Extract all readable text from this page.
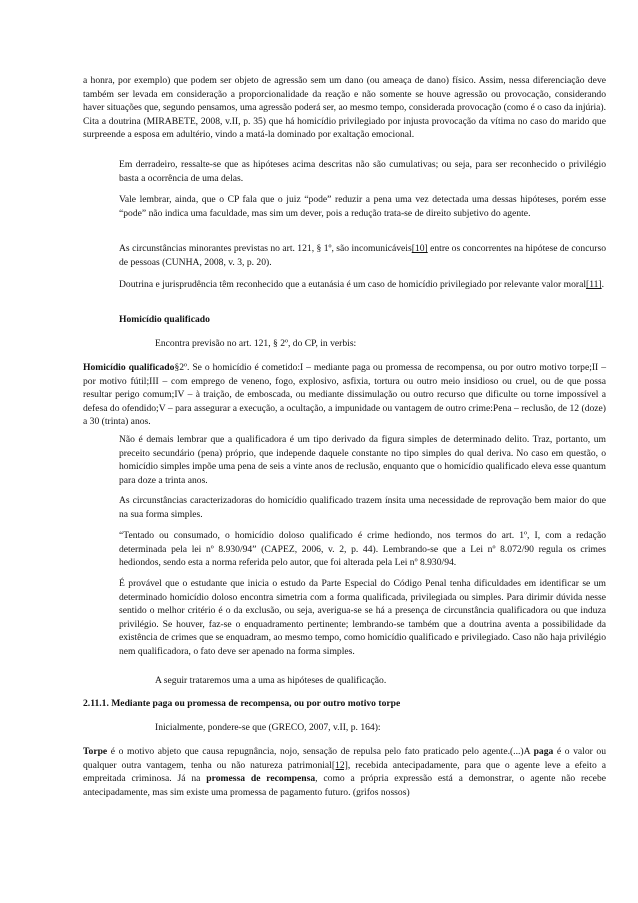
a honra, por exemplo) que podem ser objeto de agressão sem um dano (ou ameaça de dano) físico. Assim, nessa diferenciação deve também ser levada em consideração a proporcionalidade da reação e não somente se houve agressão ou provocação, considerando haver situações que, segundo pensamos, uma agressão poderá ser, ao mesmo tempo, considerada provocação (como é o caso da injúria). Cita a doutrina (MIRABETE, 2008, v.II, p. 35) que há homicídio privilegiado por injusta provocação da vítima no caso do marido que surpreende a esposa em adultério, vindo a matá-la dominado por exaltação emocional.
Em derradeiro, ressalte-se que as hipóteses acima descritas não são cumulativas; ou seja, para ser reconhecido o privilégio basta a ocorrência de uma delas.
Vale lembrar, ainda, que o CP fala que o juiz “pode” reduzir a pena uma vez detectada uma dessas hipóteses, porém esse “pode” não indica uma faculdade, mas sim um dever, pois a redução trata-se de direito subjetivo do agente.
As circunstâncias minorantes previstas no art. 121, § 1º, são incomunicáveis[10] entre os concorrentes na hipótese de concurso de pessoas (CUNHA, 2008, v. 3, p. 20).
Doutrina e jurisprudência têm reconhecido que a eutanásia é um caso de homicídio privilegiado por relevante valor moral[11].
Homicídio qualificado
Encontra previsão no art. 121, § 2º, do CP, in verbis:
Homicídio qualificado§2º. Se o homicídio é cometido:I – mediante paga ou promessa de recompensa, ou por outro motivo torpe;II – por motivo fútil;III – com emprego de veneno, fogo, explosivo, asfixia, tortura ou outro meio insidioso ou cruel, ou de que possa resultar perigo comum;IV – à traição, de emboscada, ou mediante dissimulação ou outro recurso que dificulte ou torne impossível a defesa do ofendido;V – para assegurar a execução, a ocultação, a impunidade ou vantagem de outro crime:Pena – reclusão, de 12 (doze) a 30 (trinta) anos.
Não é demais lembrar que a qualificadora é um tipo derivado da figura simples de determinado delito. Traz, portanto, um preceito secundário (pena) próprio, que independe daquele constante no tipo simples do qual deriva. No caso em questão, o homicídio simples impõe uma pena de seis a vinte anos de reclusão, enquanto que o homicídio qualificado eleva esse quantum para doze a trinta anos.
As circunstâncias caracterizadoras do homicídio qualificado trazem ínsita uma necessidade de reprovação bem maior do que na sua forma simples.
“Tentado ou consumado, o homicídio doloso qualificado é crime hediondo, nos termos do art. 1º, I, com a redação determinada pela lei nº 8.930/94” (CAPEZ, 2006, v. 2, p. 44). Lembrando-se que a Lei nº 8.072/90 regula os crimes hediondos, sendo esta a norma referida pelo autor, que foi alterada pela Lei nº 8.930/94.
É provável que o estudante que inicia o estudo da Parte Especial do Código Penal tenha dificuldades em identificar se um determinado homicídio doloso encontra simetria com a forma qualificada, privilegiada ou simples. Para dirimir dúvida nesse sentido o melhor critério é o da exclusão, ou seja, averigua-se se há a presença de circunstância qualificadora ou que induza privilégio. Se houver, faz-se o enquadramento pertinente; lembrando-se também que a doutrina aventa a possibilidade da existência de crimes que se enquadram, ao mesmo tempo, como homicídio qualificado e privilegiado. Caso não haja privilégio nem qualificadora, o fato deve ser apenado na forma simples.
A seguir trataremos uma a uma as hipóteses de qualificação.
2.11.1. Mediante paga ou promessa de recompensa, ou por outro motivo torpe
Inicialmente, pondere-se que (GRECO, 2007, v.II, p. 164):
Torpe é o motivo abjeto que causa repugnância, nojo, sensação de repulsa pelo fato praticado pelo agente.(...)A paga é o valor ou qualquer outra vantagem, tenha ou não natureza patrimonial[12], recebida antecipadamente, para que o agente leve a efeito a empreitada criminosa. Já na promessa de recompensa, como a própria expressão está a demonstrar, o agente não recebe antecipadamente, mas sim existe uma promessa de pagamento futuro. (grifos nossos)
